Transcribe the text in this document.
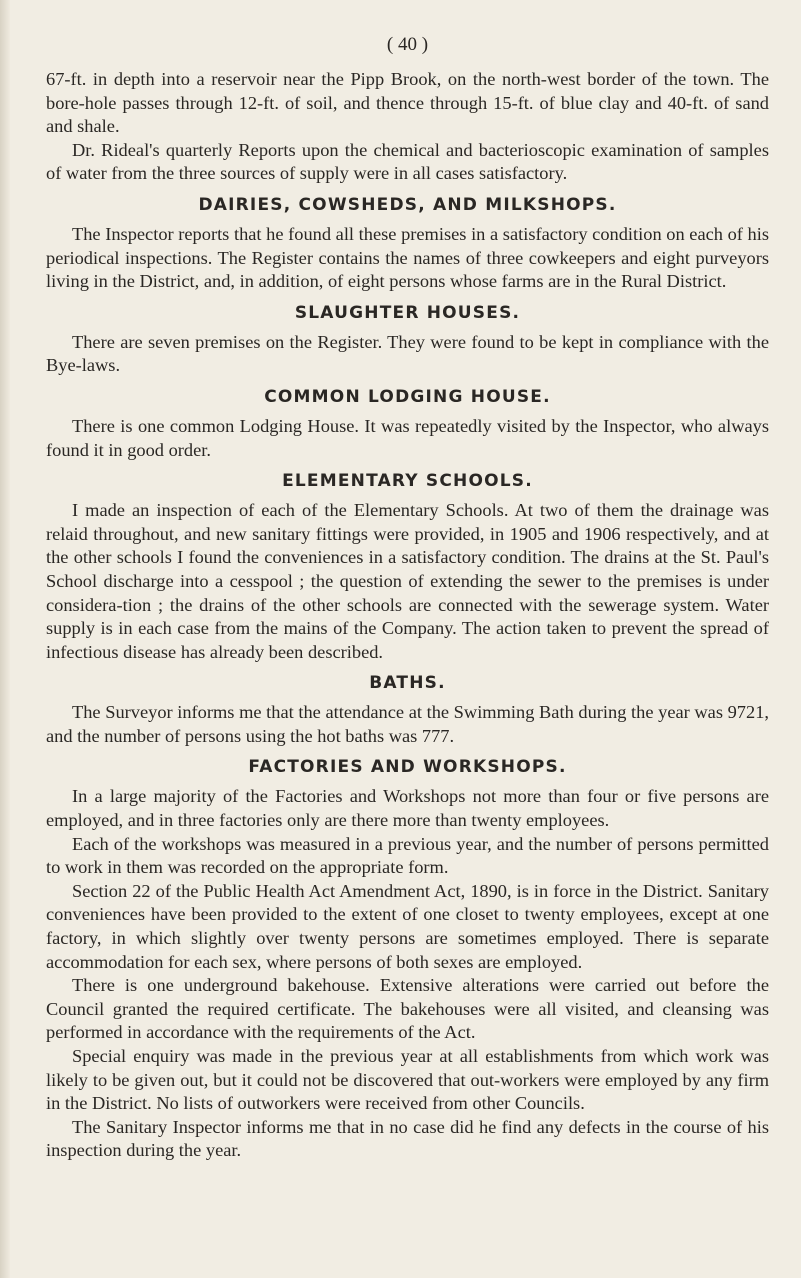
( 40 )

67-ft. in depth into a reservoir near the Pipp Brook, on the north-west border of the town. The bore-hole passes through 12-ft. of soil, and thence through 15-ft. of blue clay and 40-ft. of sand and shale.

Dr. Rideal's quarterly Reports upon the chemical and bacterioscopic examination of samples of water from the three sources of supply were in all cases satisfactory.

DAIRIES, COWSHEDS, AND MILKSHOPS.

The Inspector reports that he found all these premises in a satisfactory condition on each of his periodical inspections. The Register contains the names of three cowkeepers and eight purveyors living in the District, and, in addition, of eight persons whose farms are in the Rural District.

SLAUGHTER HOUSES.

There are seven premises on the Register. They were found to be kept in compliance with the Bye-laws.

COMMON LODGING HOUSE.

There is one common Lodging House. It was repeatedly visited by the Inspector, who always found it in good order.

ELEMENTARY SCHOOLS.

I made an inspection of each of the Elementary Schools. At two of them the drainage was relaid throughout, and new sanitary fittings were provided, in 1905 and 1906 respectively, and at the other schools I found the conveniences in a satisfactory condition. The drains at the St. Paul's School discharge into a cesspool ; the question of extending the sewer to the premises is under considera-tion ; the drains of the other schools are connected with the sewerage system. Water supply is in each case from the mains of the Company. The action taken to prevent the spread of infectious disease has already been described.

BATHS.

The Surveyor informs me that the attendance at the Swimming Bath during the year was 9721, and the number of persons using the hot baths was 777.

FACTORIES AND WORKSHOPS.

In a large majority of the Factories and Workshops not more than four or five persons are employed, and in three factories only are there more than twenty employees.

Each of the workshops was measured in a previous year, and the number of persons permitted to work in them was recorded on the appropriate form.

Section 22 of the Public Health Act Amendment Act, 1890, is in force in the District. Sanitary conveniences have been provided to the extent of one closet to twenty employees, except at one factory, in which slightly over twenty persons are sometimes employed. There is separate accommodation for each sex, where persons of both sexes are employed.

There is one underground bakehouse. Extensive alterations were carried out before the Council granted the required certificate. The bakehouses were all visited, and cleansing was performed in accordance with the requirements of the Act.

Special enquiry was made in the previous year at all establishments from which work was likely to be given out, but it could not be discovered that out-workers were employed by any firm in the District. No lists of outworkers were received from other Councils.

The Sanitary Inspector informs me that in no case did he find any defects in the course of his inspection during the year.
